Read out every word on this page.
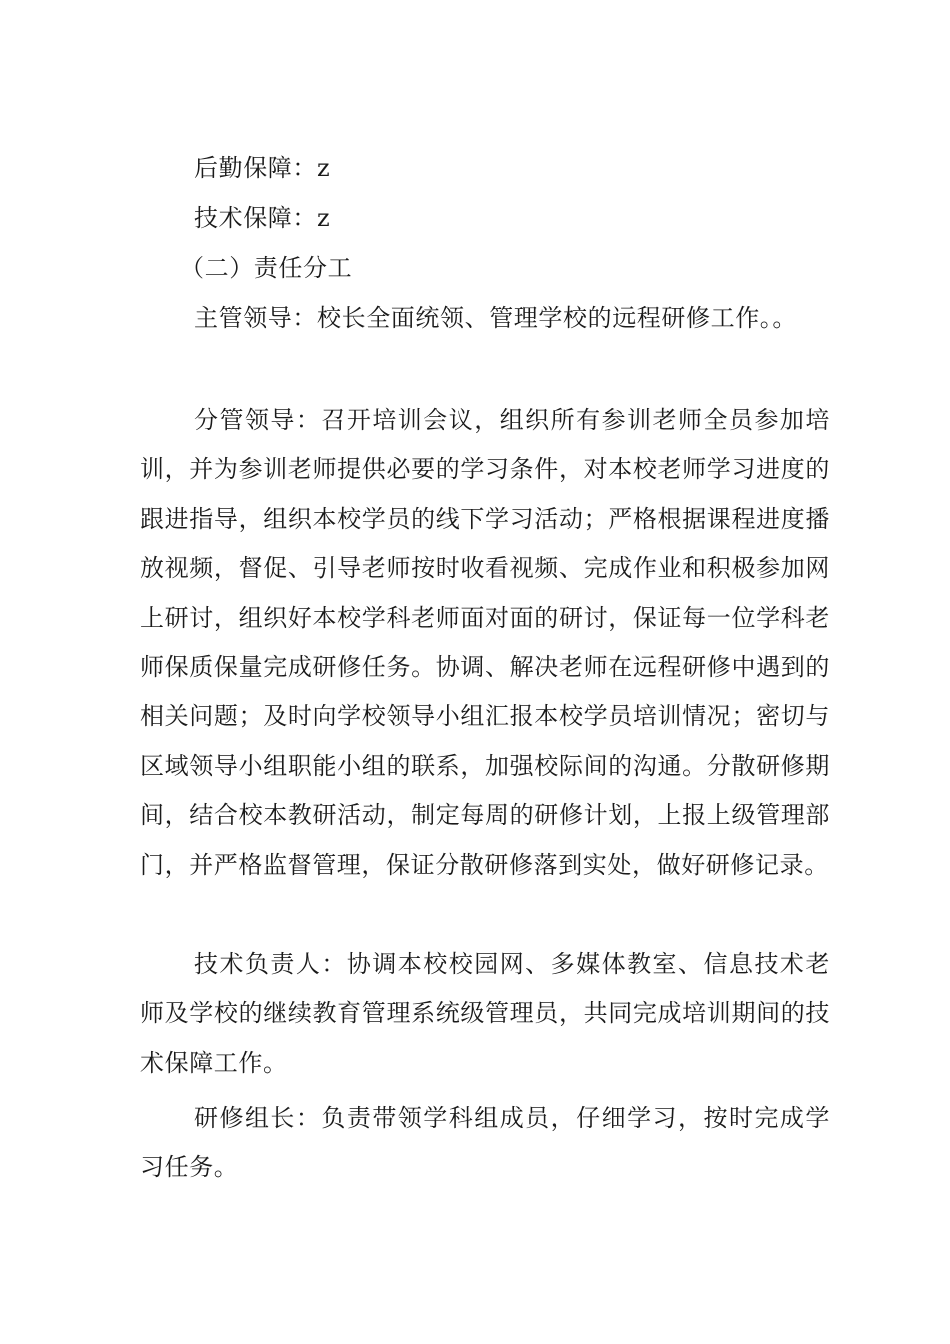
后勤保障：z
技术保障：z
（二）责任分工
主管领导：校长全面统领、管理学校的远程研修工作。。

分管领导：召开培训会议，组织所有参训老师全员参加培训，并为参训老师提供必要的学习条件，对本校老师学习进度的跟进指导，组织本校学员的线下学习活动；严格根据课程进度播放视频，督促、引导老师按时收看视频、完成作业和积极参加网上研讨，组织好本校学科老师面对面的研讨，保证每一位学科老师保质保量完成研修任务。协调、解决老师在远程研修中遇到的相关问题；及时向学校领导小组汇报本校学员培训情况；密切与区域领导小组职能小组的联系，加强校际间的沟通。分散研修期间，结合校本教研活动，制定每周的研修计划，上报上级管理部门，并严格监督管理，保证分散研修落到实处，做好研修记录。

技术负责人：协调本校校园网、多媒体教室、信息技术老师及学校的继续教育管理系统级管理员，共同完成培训期间的技术保障工作。

研修组长：负责带领学科组成员，仔细学习，按时完成学习任务。
